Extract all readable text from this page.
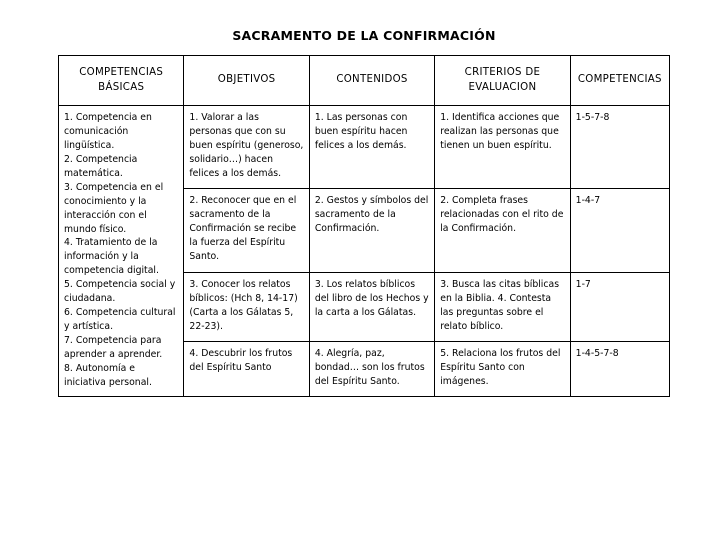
SACRAMENTO DE LA CONFIRMACIÓN
COMPETENCIAS BÁSICAS	OBJETIVOS	CONTENIDOS	CRITERIOS DE EVALUACION	COMPETENCIAS

1. Competencia en comunicación lingüística.
2. Competencia matemática.
3. Competencia en el conocimiento y la interacción con el mundo físico.
4. Tratamiento de la información y la competencia digital.
5. Competencia social y ciudadana.
6. Competencia cultural y artística.
7. Competencia para aprender a aprender.
8. Autonomía e iniciativa personal.
	1. Valorar a las personas que con su buen espíritu (generoso, solidario…) hacen felices a los demás.	1. Las personas con buen espíritu hacen felices a los demás.	1. Identifica acciones que realizan las personas que tienen un buen espíritu.	1-5-7-8
	2. Reconocer que en el sacramento de la Confirmación se recibe la fuerza del Espíritu Santo.	2. Gestos y símbolos del sacramento de la Confirmación.	2. Completa frases relacionadas con el rito de la Confirmación.	1-4-7
	3. Conocer los relatos bíblicos: (Hch 8, 14-17) (Carta a los Gálatas 5, 22-23).	3. Los relatos bíblicos del libro de los Hechos y la carta a los Gálatas.	3. Busca las citas bíblicas en la Biblia. 4. Contesta las preguntas sobre el relato bíblico.	1-7
	4. Descubrir los frutos del Espíritu Santo	4. Alegría, paz, bondad… son los frutos del Espíritu Santo.	5. Relaciona los frutos del Espíritu Santo con imágenes.	1-4-5-7-8
